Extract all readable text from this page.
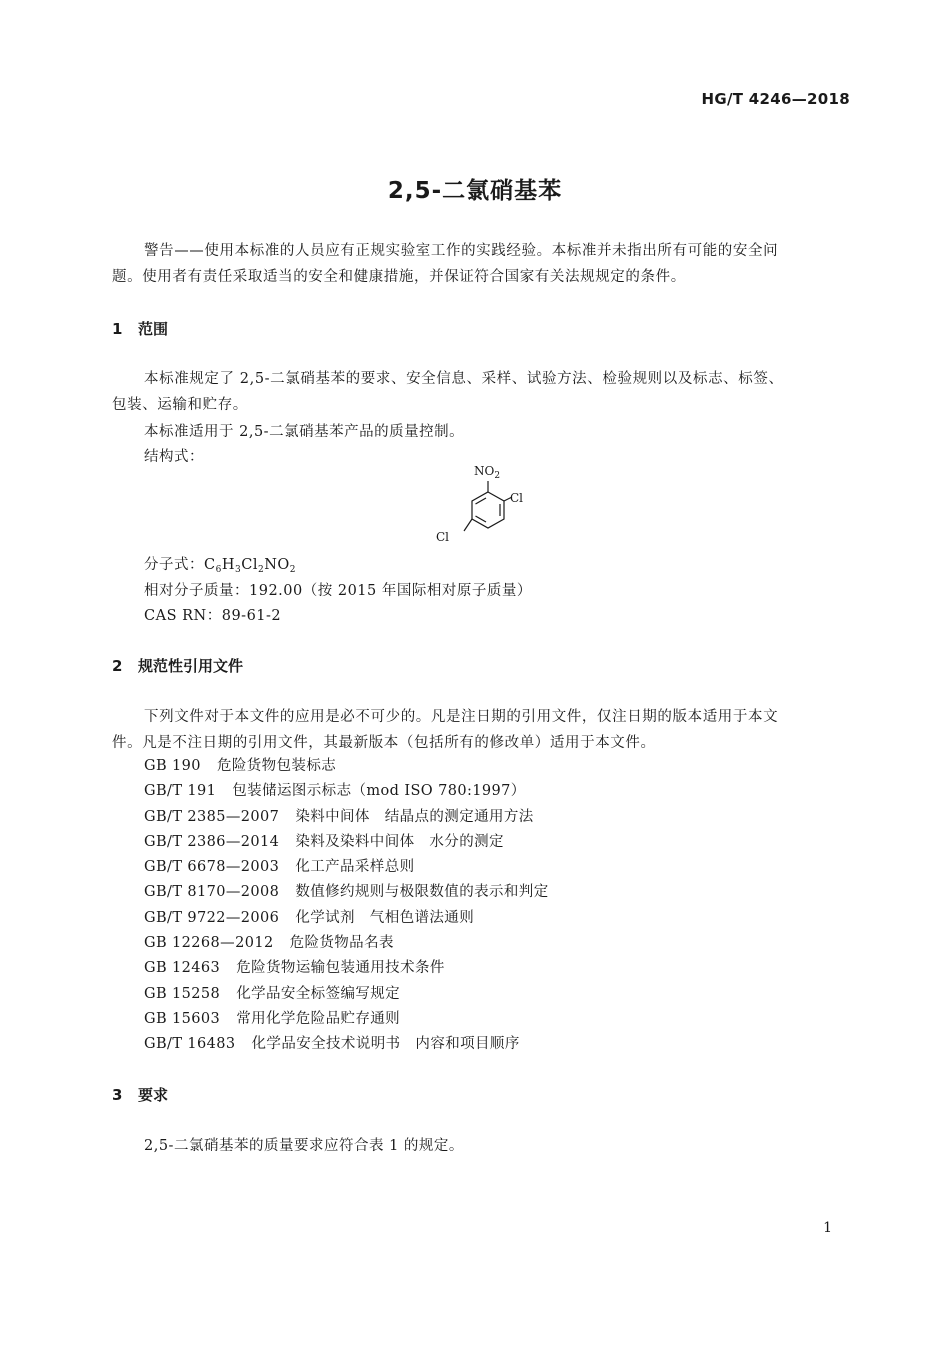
HG/T 4246—2018
2,5-二氯硝基苯
警告——使用本标准的人员应有正规实验室工作的实践经验。本标准并未指出所有可能的安全问
题。使用者有责任采取适当的安全和健康措施，并保证符合国家有关法规规定的条件。
1 范围
本标准规定了 2,5-二氯硝基苯的要求、安全信息、采样、试验方法、检验规则以及标志、标签、
包装、运输和贮存。
本标准适用于 2,5-二氯硝基苯产品的质量控制。
结构式：
$NO_2$
Cl
Cl
分子式：$C_6H_3Cl_2NO_2$
相对分子质量：192.00（按 2015 年国际相对原子质量）
CAS RN：89-61-2
2 规范性引用文件
下列文件对于本文件的应用是必不可少的。凡是注日期的引用文件，仅注日期的版本适用于本文
件。凡是不注日期的引用文件，其最新版本（包括所有的修改单）适用于本文件。
GB 190 危险货物包装标志
GB/T 191 包装储运图示标志（mod ISO 780:1997）
GB/T 2385—2007 染料中间体　结晶点的测定通用方法
GB/T 2386—2014 染料及染料中间体　水分的测定
GB/T 6678—2003 化工产品采样总则
GB/T 8170—2008 数值修约规则与极限数值的表示和判定
GB/T 9722—2006 化学试剂　气相色谱法通则
GB 12268—2012 危险货物品名表
GB 12463 危险货物运输包装通用技术条件
GB 15258 化学品安全标签编写规定
GB 15603 常用化学危险品贮存通则
GB/T 16483 化学品安全技术说明书　内容和项目顺序
3 要求
2,5-二氯硝基苯的质量要求应符合表 1 的规定。
1
